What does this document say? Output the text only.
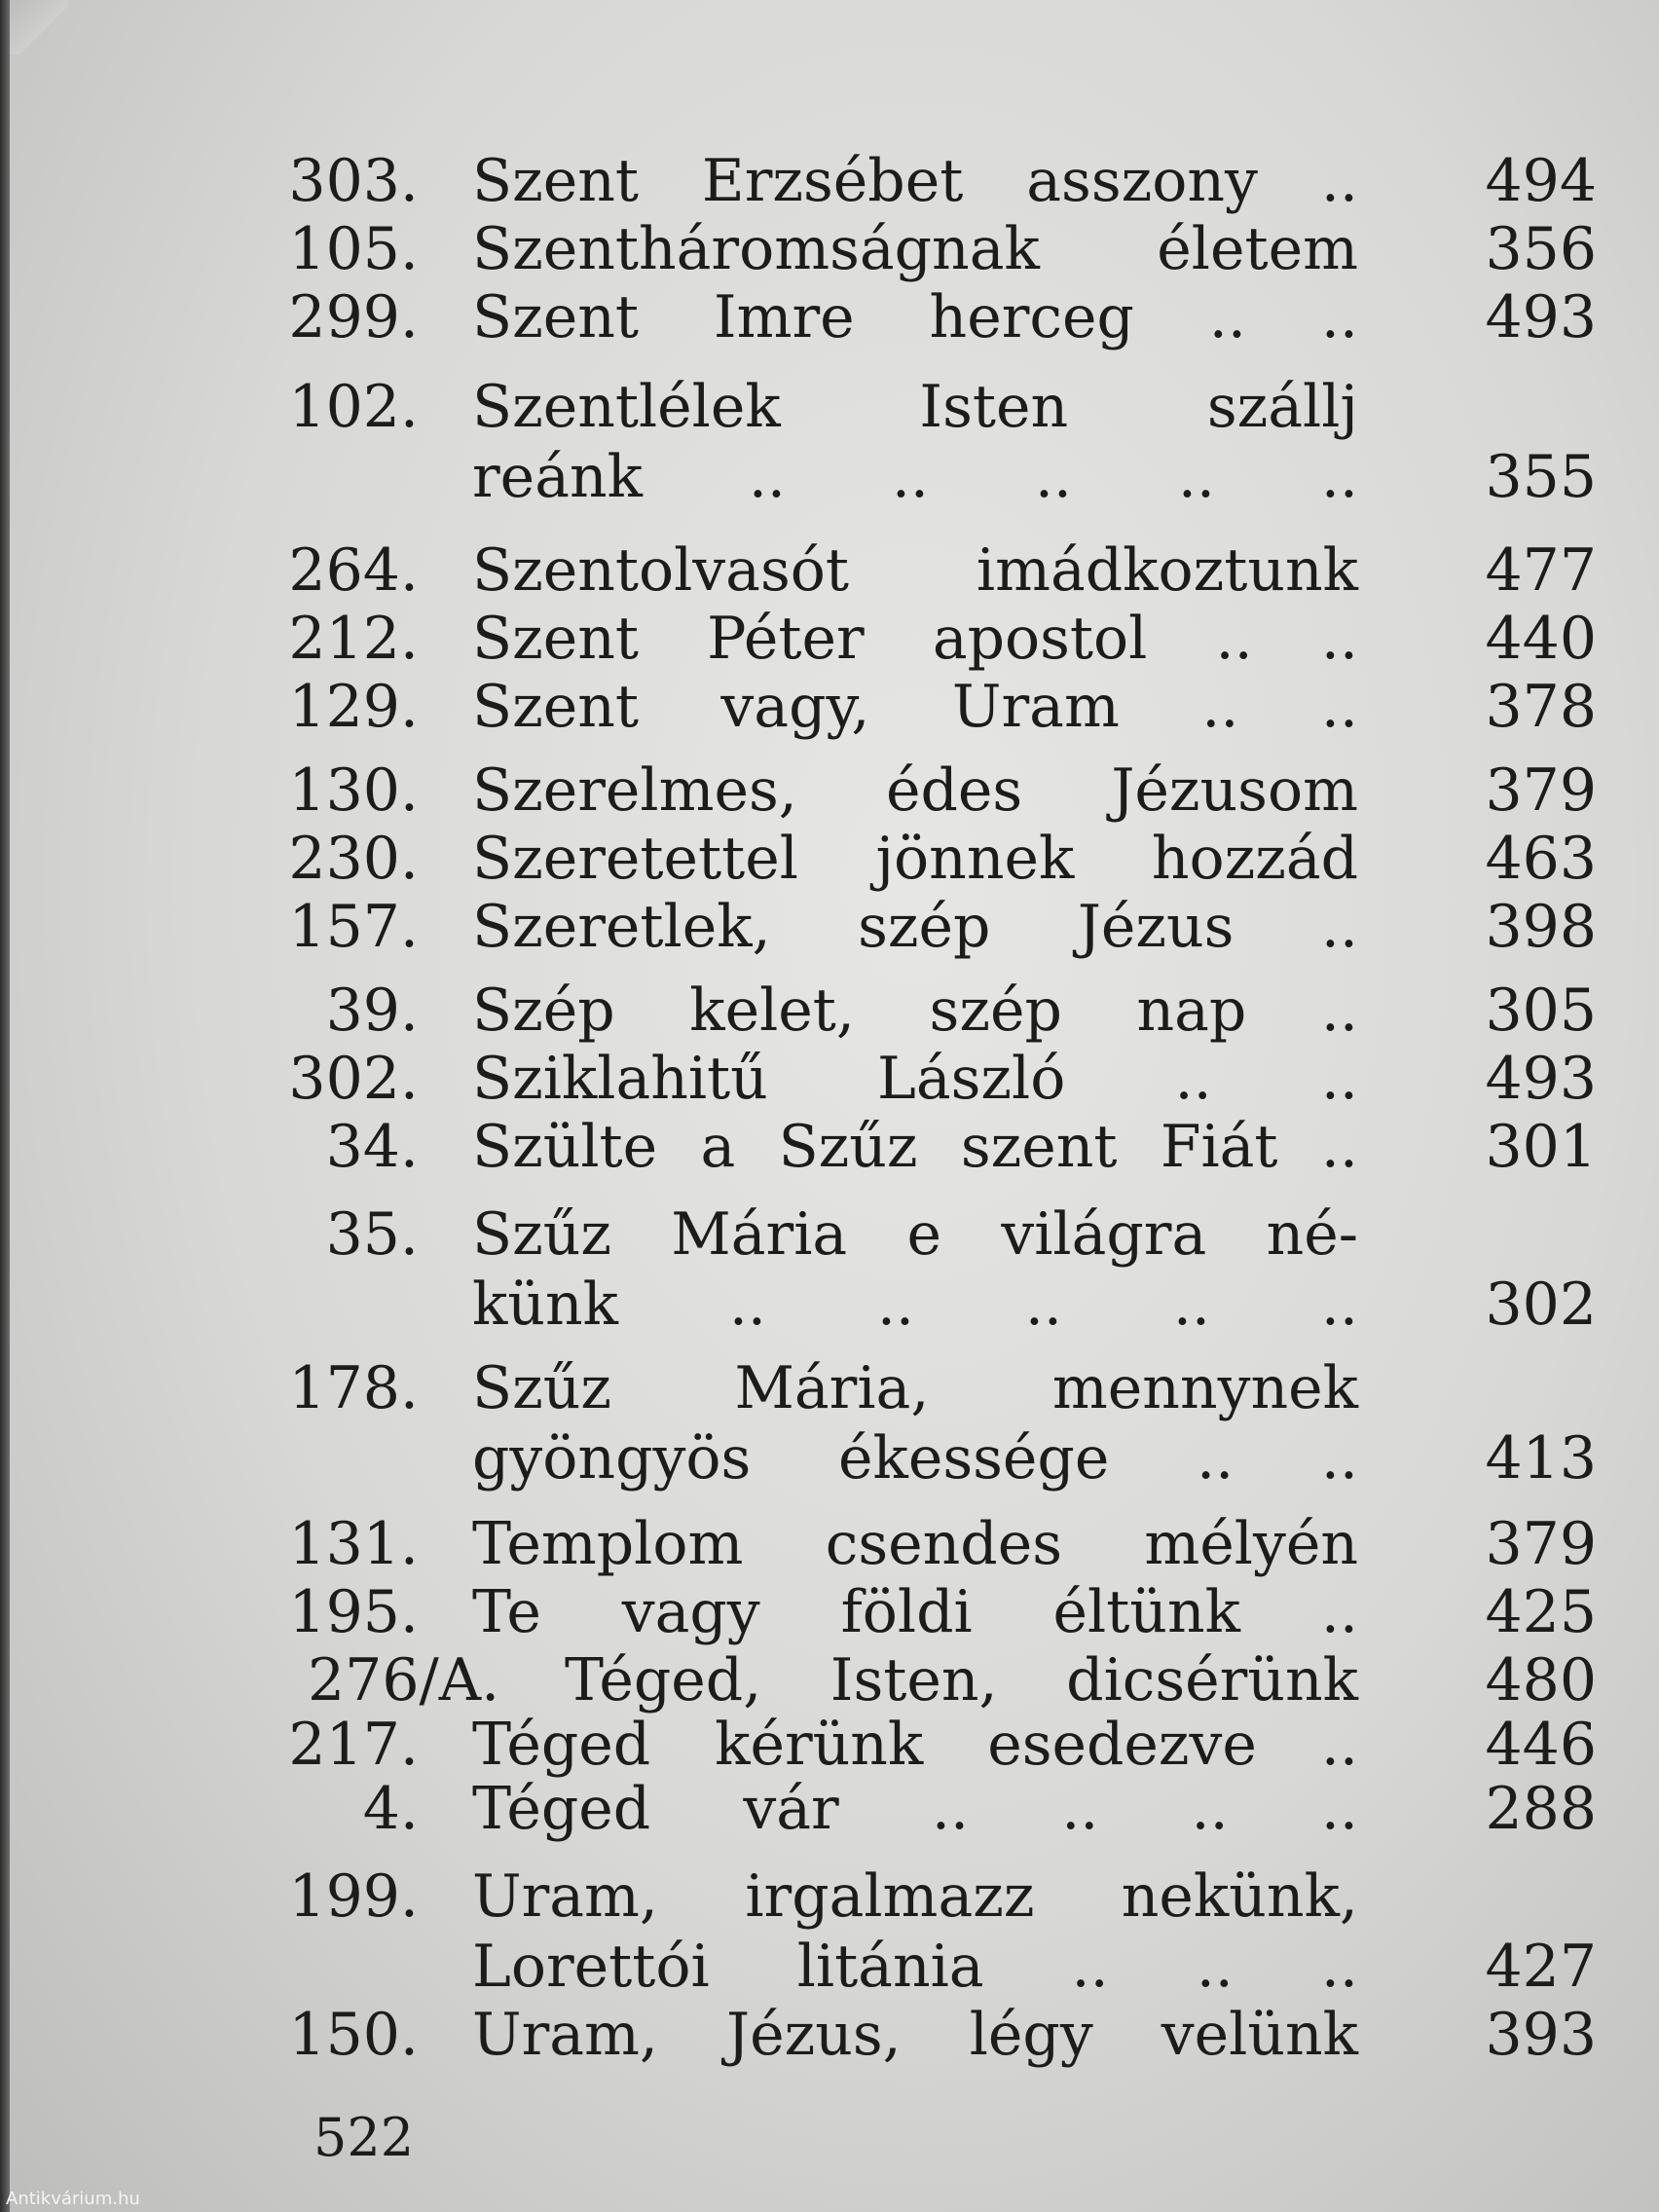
303. Szent Erzsébet asszony ..	494
105. Szentháromságnak életem	356
299. Szent Imre herceg .. ..	493
102. Szentlélek Isten szállj
reánk .. .. .. .. ..	355
264. Szentolvasót imádkoztunk	477
212. Szent Péter apostol .. ..	440
129. Szent vagy, Uram .. ..	378
130. Szerelmes, édes Jézusom	379
230. Szeretettel jönnek hozzád	463
157. Szeretlek, szép Jézus ..	398
39. Szép kelet, szép nap ..	305
302. Sziklahitű László .. ..	493
34. Szülte a Szűz szent Fiát ..	301
35. Szűz Mária e világra né-
künk .. .. .. .. ..	302
178. Szűz Mária, mennynek
gyöngyös ékessége .. ..	413
131. Templom csendes mélyén	379
195. Te vagy földi éltünk ..	425
276/A. Téged, Isten, dicsérünk	480
217. Téged kérünk esedezve ..	446
4. Téged vár .. .. .. ..	288
199. Uram, irgalmazz nekünk,
Lorettói litánia .. .. ..	427
150. Uram, Jézus, légy velünk	393
522
Antikvárium.hu
